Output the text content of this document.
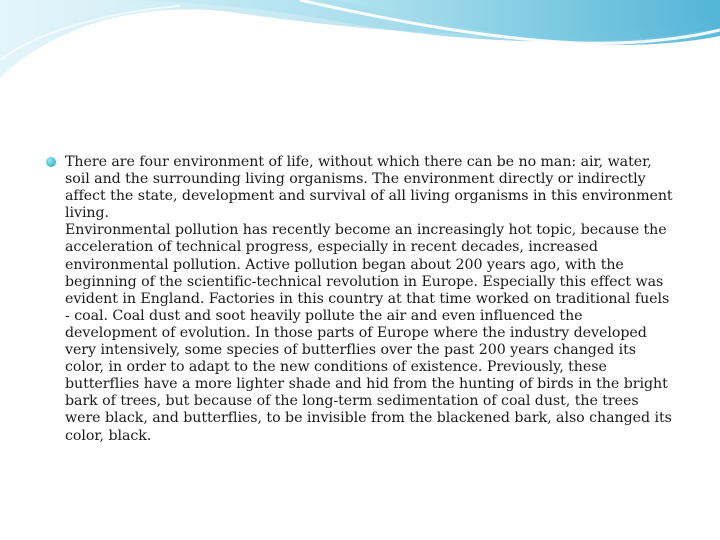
There are four environment of life, without which there can be no man: air, water, soil and the surrounding living organisms. The environment directly or indirectly affect the state, development and survival of all living organisms in this environment living.

Environmental pollution has recently become an increasingly hot topic, because the acceleration of technical progress, especially in recent decades, increased environmental pollution. Active pollution began about 200 years ago, with the beginning of the scientific-technical revolution in Europe. Especially this effect was evident in England. Factories in this country at that time worked on traditional fuels - coal. Coal dust and soot heavily pollute the air and even influenced the development of evolution. In those parts of Europe where the industry developed very intensively, some species of butterflies over the past 200 years changed its color, in order to adapt to the new conditions of existence. Previously, these butterflies have a more lighter shade and hid from the hunting of birds in the bright bark of trees, but because of the long-term sedimentation of coal dust, the trees were black, and butterflies, to be invisible from the blackened bark, also changed its color, black.
